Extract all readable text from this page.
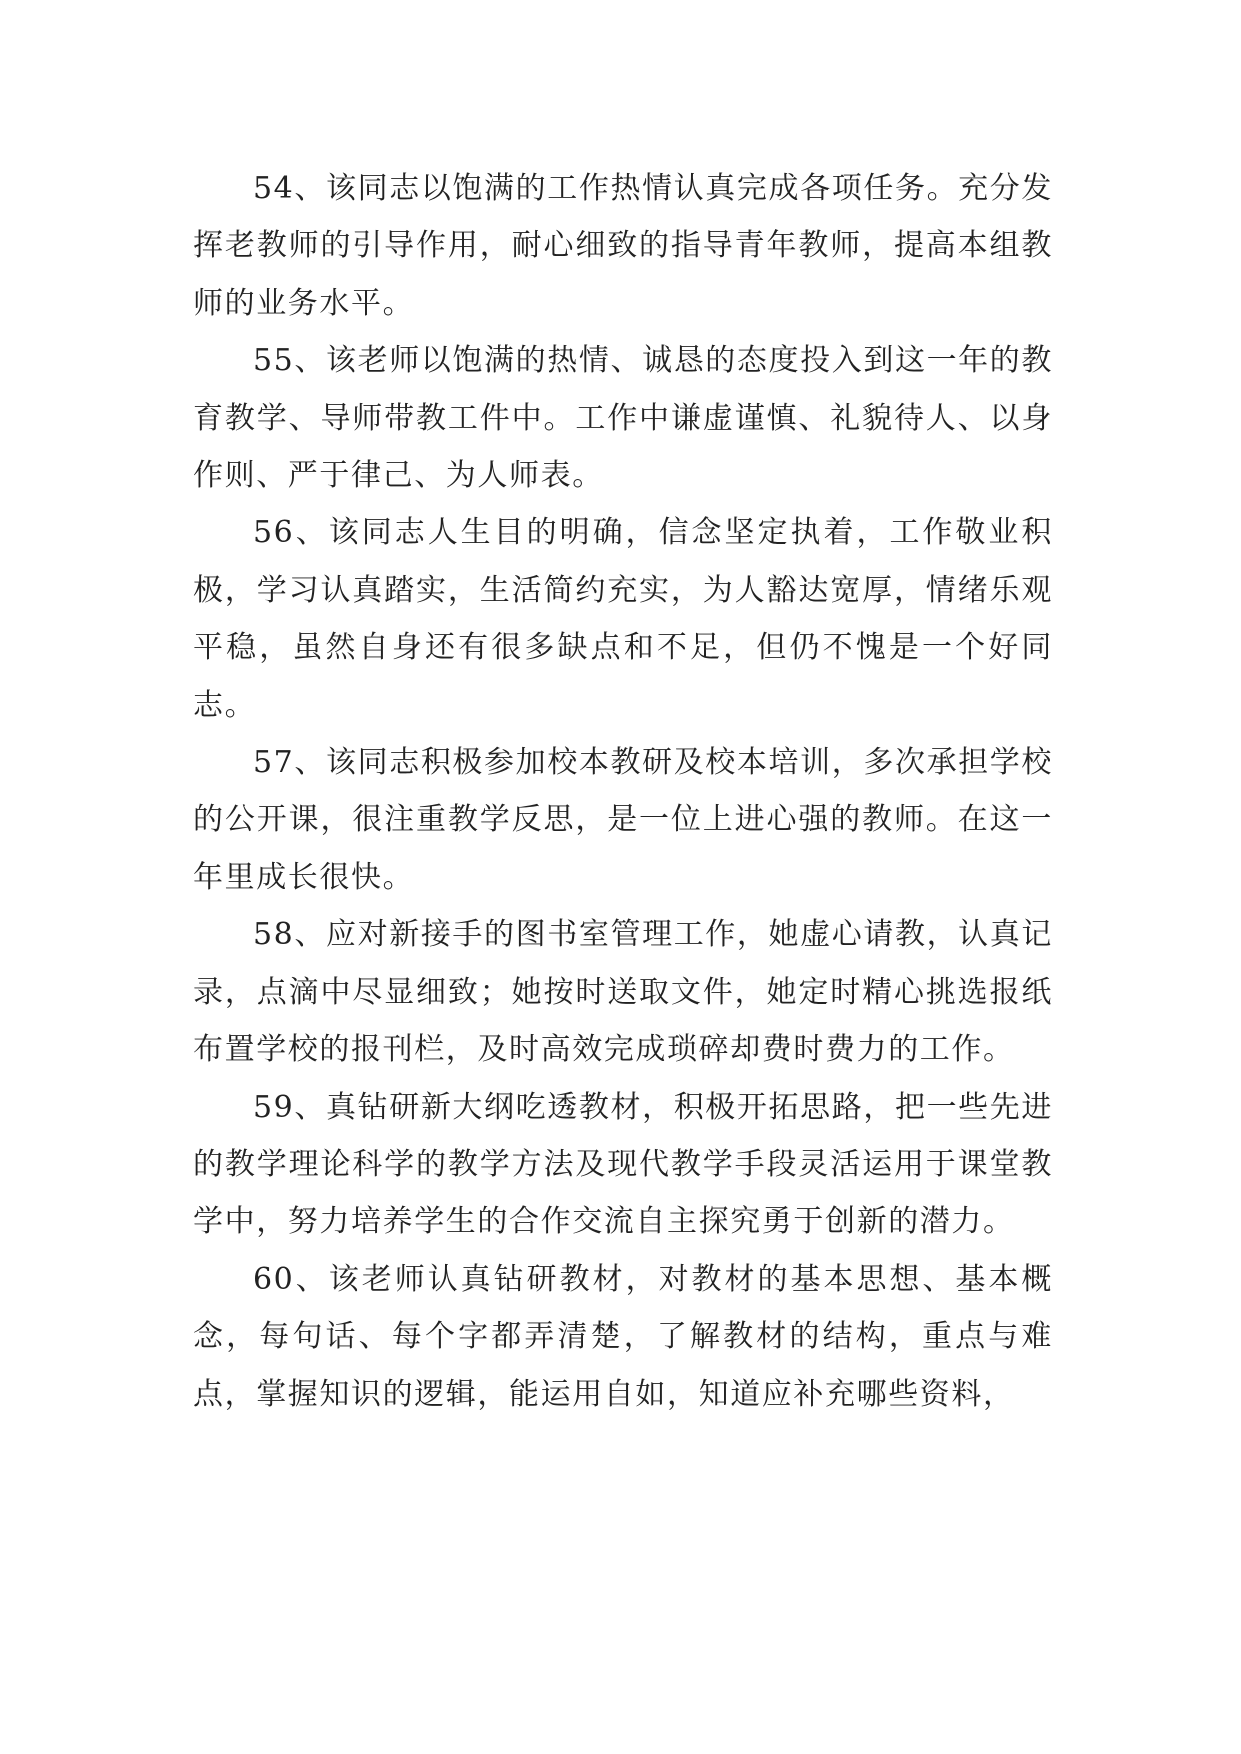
54、该同志以饱满的工作热情认真完成各项任务。充分发挥老教师的引导作用，耐心细致的指导青年教师，提高本组教师的业务水平。

55、该老师以饱满的热情、诚恳的态度投入到这一年的教育教学、导师带教工件中。工作中谦虚谨慎、礼貌待人、以身作则、严于律己、为人师表。

56、该同志人生目的明确，信念坚定执着，工作敬业积极，学习认真踏实，生活简约充实，为人豁达宽厚，情绪乐观平稳，虽然自身还有很多缺点和不足，但仍不愧是一个好同志。

57、该同志积极参加校本教研及校本培训，多次承担学校的公开课，很注重教学反思，是一位上进心强的教师。在这一年里成长很快。

58、应对新接手的图书室管理工作，她虚心请教，认真记录，点滴中尽显细致；她按时送取文件，她定时精心挑选报纸布置学校的报刊栏，及时高效完成琐碎却费时费力的工作。

59、真钻研新大纲吃透教材，积极开拓思路，把一些先进的教学理论科学的教学方法及现代教学手段灵活运用于课堂教学中，努力培养学生的合作交流自主探究勇于创新的潜力。

60、该老师认真钻研教材，对教材的基本思想、基本概念，每句话、每个字都弄清楚，了解教材的结构，重点与难点，掌握知识的逻辑，能运用自如，知道应补充哪些资料，
